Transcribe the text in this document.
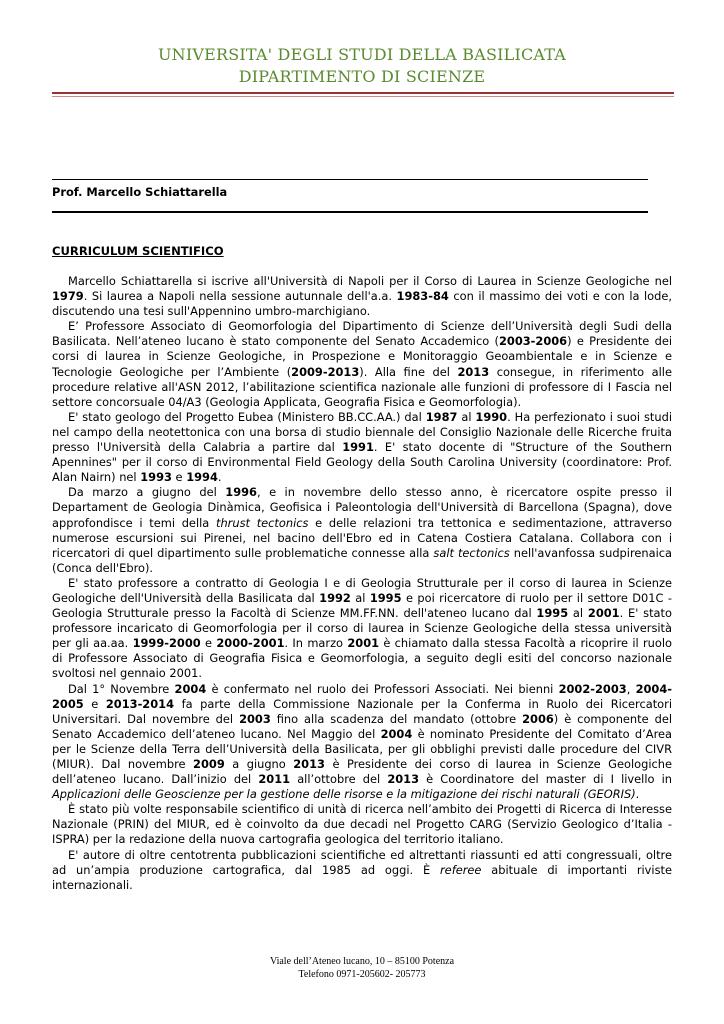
UNIVERSITA' DEGLI STUDI DELLA BASILICATA
DIPARTIMENTO DI SCIENZE
Prof. Marcello Schiattarella
CURRICULUM SCIENTIFICO

Marcello Schiattarella si iscrive all'Università di Napoli per il Corso di Laurea in Scienze Geologiche nel 1979. Si laurea a Napoli nella sessione autunnale dell'a.a. 1983-84 con il massimo dei voti e con la lode, discutendo una tesi sull'Appennino umbro-marchigiano.

E’ Professore Associato di Geomorfologia del Dipartimento di Scienze dell’Università degli Sudi della Basilicata. Nell’ateneo lucano è stato componente del Senato Accademico (2003-2006) e Presidente dei corsi di laurea in Scienze Geologiche, in Prospezione e Monitoraggio Geoambientale e in Scienze e Tecnologie Geologiche per l’Ambiente (2009-2013). Alla fine del 2013 consegue, in riferimento alle procedure relative all'ASN 2012, l’abilitazione scientifica nazionale alle funzioni di professore di I Fascia nel settore concorsuale 04/A3 (Geologia Applicata, Geografia Fisica e Geomorfologia).

E' stato geologo del Progetto Eubea (Ministero BB.CC.AA.) dal 1987 al 1990. Ha perfezionato i suoi studi nel campo della neotettonica con una borsa di studio biennale del Consiglio Nazionale delle Ricerche fruita presso l'Università della Calabria a partire dal 1991. E' stato docente di "Structure of the Southern Apennines" per il corso di Environmental Field Geology della South Carolina University (coordinatore: Prof. Alan Nairn) nel 1993 e 1994.

Da marzo a giugno del 1996, e in novembre dello stesso anno, è ricercatore ospite presso il Departament de Geologia Dinàmica, Geofisica i Paleontologia dell'Università di Barcellona (Spagna), dove approfondisce i temi della thrust tectonics e delle relazioni tra tettonica e sedimentazione, attraverso numerose escursioni sui Pirenei, nel bacino dell'Ebro ed in Catena Costiera Catalana. Collabora con i ricercatori di quel dipartimento sulle problematiche connesse alla salt tectonics nell'avanfossa sudpirenaica (Conca dell'Ebro).

E' stato professore a contratto di Geologia I e di Geologia Strutturale per il corso di laurea in Scienze Geologiche dell'Università della Basilicata dal 1992 al 1995 e poi ricercatore di ruolo per il settore D01C - Geologia Strutturale presso la Facoltà di Scienze MM.FF.NN. dell'ateneo lucano dal 1995 al 2001. E' stato professore incaricato di Geomorfologia per il corso di laurea in Scienze Geologiche della stessa università per gli aa.aa. 1999-2000 e 2000-2001. In marzo 2001 è chiamato dalla stessa Facoltà a ricoprire il ruolo di Professore Associato di Geografia Fisica e Geomorfologia, a seguito degli esiti del concorso nazionale svoltosi nel gennaio 2001.

Dal 1° Novembre 2004 è confermato nel ruolo dei Professori Associati. Nei bienni 2002-2003, 2004-2005 e 2013-2014 fa parte della Commissione Nazionale per la Conferma in Ruolo dei Ricercatori Universitari. Dal novembre del 2003 fino alla scadenza del mandato (ottobre 2006) è componente del Senato Accademico dell’ateneo lucano. Nel Maggio del 2004 è nominato Presidente del Comitato d’Area per le Scienze della Terra dell’Università della Basilicata, per gli obblighi previsti dalle procedure del CIVR (MIUR). Dal novembre 2009 a giugno 2013 è Presidente dei corso di laurea in Scienze Geologiche dell’ateneo lucano. Dall’inizio del 2011 all’ottobre del 2013 è Coordinatore del master di I livello in Applicazioni delle Geoscienze per la gestione delle risorse e la mitigazione dei rischi naturali (GEORIS).

È stato più volte responsabile scientifico di unità di ricerca nell’ambito dei Progetti di Ricerca di Interesse Nazionale (PRIN) del MIUR, ed è coinvolto da due decadi nel Progetto CARG (Servizio Geologico d’Italia - ISPRA) per la redazione della nuova cartografia geologica del territorio italiano.

E' autore di oltre centotrenta pubblicazioni scientifiche ed altrettanti riassunti ed atti congressuali, oltre ad un’ampia produzione cartografica, dal 1985 ad oggi. È referee abituale di importanti riviste internazionali.

Viale dell’Ateneo lucano, 10 – 85100 Potenza
Telefono 0971-205602- 205773
